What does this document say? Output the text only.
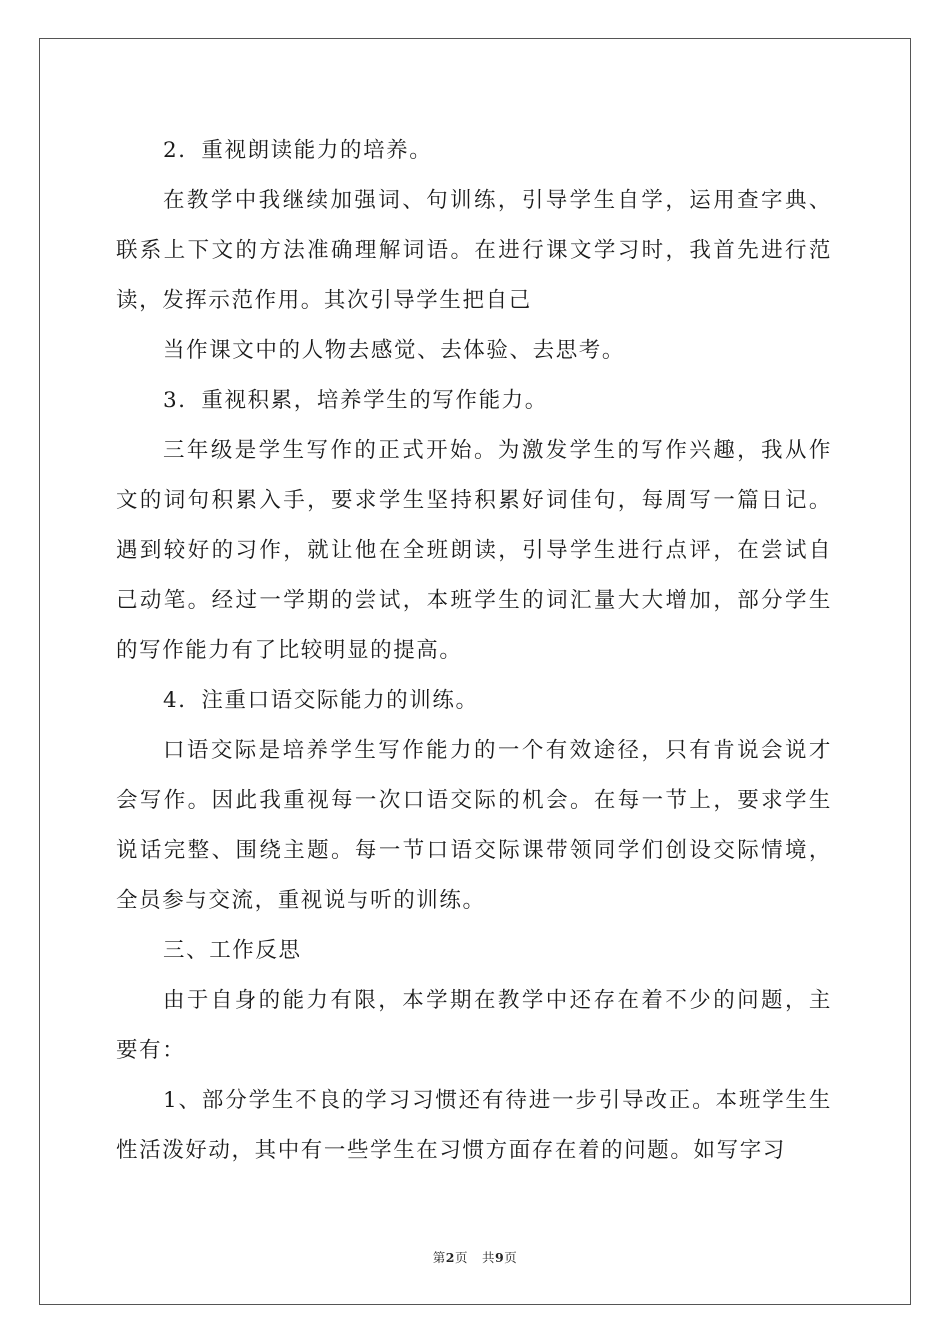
2．重视朗读能力的培养。

在教学中我继续加强词、句训练，引导学生自学，运用查字典、联系上下文的方法准确理解词语。在进行课文学习时，我首先进行范读，发挥示范作用。其次引导学生把自己

当作课文中的人物去感觉、去体验、去思考。

3．重视积累，培养学生的写作能力。

三年级是学生写作的正式开始。为激发学生的写作兴趣，我从作文的词句积累入手，要求学生坚持积累好词佳句，每周写一篇日记。遇到较好的习作，就让他在全班朗读，引导学生进行点评，在尝试自己动笔。经过一学期的尝试，本班学生的词汇量大大增加，部分学生的写作能力有了比较明显的提高。

4．注重口语交际能力的训练。

口语交际是培养学生写作能力的一个有效途径，只有肯说会说才会写作。因此我重视每一次口语交际的机会。在每一节上，要求学生说话完整、围绕主题。每一节口语交际课带领同学们创设交际情境，全员参与交流，重视说与听的训练。

三、工作反思

由于自身的能力有限，本学期在教学中还存在着不少的问题，主要有：

1、部分学生不良的学习习惯还有待进一步引导改正。本班学生生性活泼好动，其中有一些学生在习惯方面存在着的问题。如写字习

第2页 共9页
